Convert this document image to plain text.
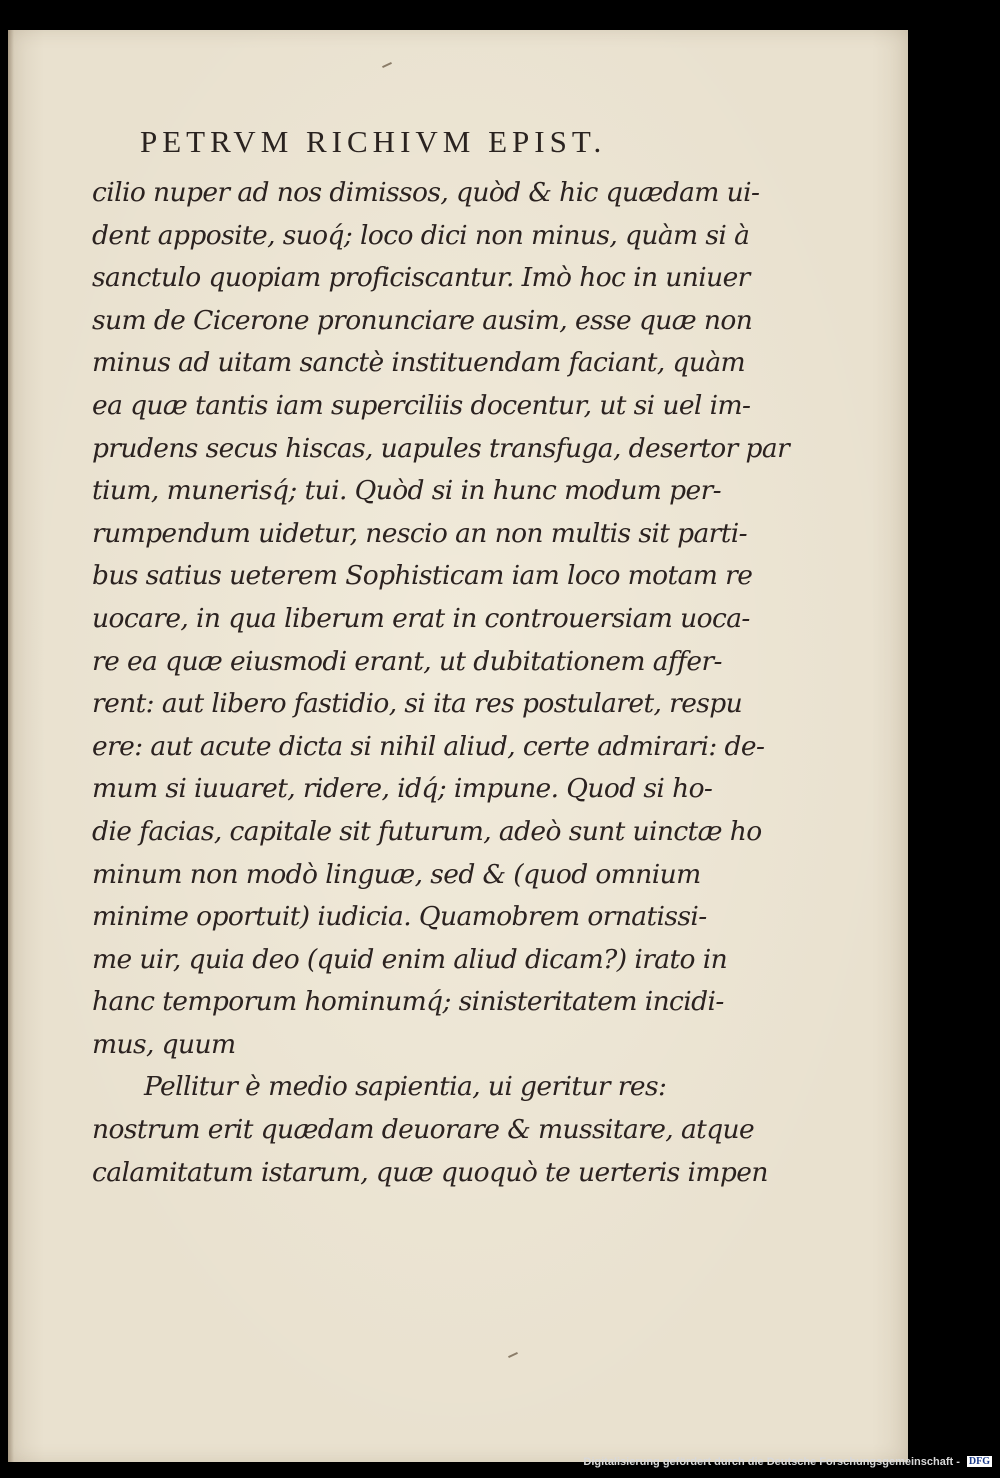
PETRVM RICHIVM EPIST.
cilio nuper ad nos dimissos, quòd & hic quædam ui-
dent apposite, suoq́; loco dici non minus, quàm si à
sanctulo quopiam proficiscantur. Imò hoc in uniuer
sum de Cicerone pronunciare ausim, esse quæ non
minus ad uitam sanctè instituendam faciant, quàm
ea quæ tantis iam superciliis docentur, ut si uel im-
prudens secus hiscas, uapules transfuga, desertor par
tium, munerisq́; tui. Quòd si in hunc modum per-
rumpendum uidetur, nescio an non multis sit parti-
bus satius ueterem Sophisticam iam loco motam re
uocare, in qua liberum erat in controuersiam uoca-
re ea quæ eiusmodi erant, ut dubitationem affer-
rent: aut libero fastidio, si ita res postularet, respu
ere: aut acute dicta si nihil aliud, certe admirari: de-
mum si iuuaret, ridere, idq́; impune. Quod si ho-
die facias, capitale sit futurum, adeò sunt uinctæ ho
minum non modò linguæ, sed & (quod omnium
minime oportuit) iudicia. Quamobrem ornatissi-
me uir, quia deo (quid enim aliud dicam?) irato in
hanc temporum hominumq́; sinisteritatem incidi-
mus, quum
Pellitur è medio sapientia, ui geritur res:
nostrum erit quædam deuorare & mussitare, atque
calamitatum istarum, quæ quoquò te uerteris impen
Digitalisierung gefördert durch die Deutsche Forschungsgemeinschaft - DFG
